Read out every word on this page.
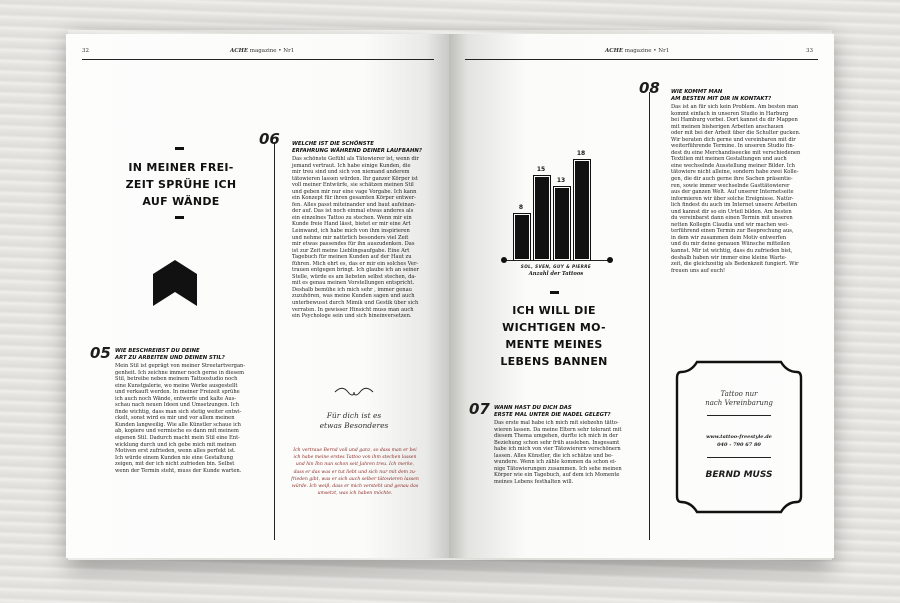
32	ACHE magazine • Nr1
IN MEINER FREI-
ZEIT SPRÜHE ICH
AUF WÄNDE
05 WIE BESCHREIBST DU DEINE
ART ZU ARBEITEN UND DEINEN STIL?
Mein Stil ist geprägt von meiner Streetartvergan-
genheit. Ich zeichne immer noch gerne in diesem
Stil, betreibe neben meinem Tattoostudio noch
eine Kunstgalerie, wo meine Werke ausgestellt
und verkauft werden. In meiner Freizeit sprühe
ich auch noch Wände, entwerfe und kalte Aus-
schau nach neuen Ideen und Umsetzungen. Ich
finde wichtig, dass man sich stetig weiter entwi-
ckelt, sonst wird es mir und vor allem meinen
Kunden langweilig. Wie alle Künstler schaue ich
ab, kopiere und vermische es dann mit meinem
eigenen Stil. Dadurch macht mein Stil eine Ent-
wicklung durch und ich gebe mich mit meinen
Motiven erst zufrieden, wenn alles perfekt ist.
Ich würde einem Kunden nie eine Gestaltung
zeigen, mit der ich nicht zufrieden bin. Selbst
wenn der Termin steht, muss der Kunde warten.
06 WELCHE IST DIE SCHÖNSTE
ERFAHRUNG WÄHREND DEINER LAUFBAHN?
Das schönste Gefühl als Tätowierer ist, wenn dir
jemand vertraut. Ich habe einige Kunden, die
mir treu sind und sich von niemand anderem
tätowieren lassen würden. Ihr ganzer Körper ist
voll meiner Entwürfe, sie schätzen meinen Stil
und geben mir nur eine vage Vorgabe. Ich kann
ein Konzept für ihren gesamten Körper entwer-
fen. Alles passt miteinander und baut aufeinan-
der auf. Das ist noch einmal etwas anderes als
ein einzelnes Tattoo zu stechen. Wenn mir ein
Kunde freie Hand lässt, bietet er mir eine Art
Leinwand, ich habe mich von ihm inspirieren
und nehme mir natürlich besonders viel Zeit
mir etwas passendes für ihn auszudenken. Das
ist zur Zeit meine Lieblingsaufgabe. Eine Art
Tagebuch für meinen Kunden auf der Haut zu
führen. Mich ehrt es, das er mir ein solches Ver-
trauen entgegen bringt. Ich glaube ich an seiner
Stelle, würde es am liebsten selbst stechen, da-
mit es genau meinen Vorstellungen entspricht.
Deshalb bemühe ich mich sehr , immer genau
zuzuhören, was meine Kunden sagen und auch
unterbewusst durch Mimik und Gestik über sich
verraten. In gewisser Hinsicht muss man auch
ein Psychologe sein und sich hineinversetzen.
Für dich ist es
etwas Besonderes
Ich vertraue Bernd voll und ganz, so dass man er bei
ich habe meine erstes Tattoo von ihm stechen lassen
und hin Ihn nun schon seit Jahren treu. Ich merke,
dass er das was er tut liebt und sich nur mit dem zu-
frieden gibt, was er sich auch selber tätowieren lassen
würde. Ich weiß, dass er mich versteht und genau das
umsetzt, was ich haben möchte.
ACHE magazine • Nr1	33
8
15
13
18
SOL, SVEN, GUY & PIERRE
Anzahl der Tattoos
ICH WILL DIE
WICHTIGEN MO-
MENTE MEINES
LEBENS BANNEN
07 WANN HAST DU DICH DAS
ERSTE MAL UNTER DIE NADEL GELEGT?
Das erste mal habe ich mich mit siebzehn tätto-
wieren lassen. Da meine Eltern sehr tolerant mit
diesem Thema umgehen, durfte ich mich in der
Beziehung schon sehr früh ausleben. Insgesamt
habe ich mich von vier Tätowierern verschönern
lassen. Alles Künstler, die ich schätze und be-
wundere. Wenn ich zähle kommen da schon ei-
nige Tätowierungen zusammen. Ich sehe meinen
Körper wie ein Tagebuch, auf dem ich Momente
meines Lebens festhalten will.
08 WIE KOMMT MAN
AM BESTEN MIT DIR IN KONTAKT?
Das ist an für sich kein Problem. Am besten man
kommt einfach in unseren Studio in Harburg
bei Hamburg vorbei. Dort kannst du dir Mappen
mit meinen bisherigen Arbeiten anschauen
oder mit bei der Arbeit über die Schulter gucken.
Wir beraten dich gerne und vereinbaren mit dir
weiterführende Termine. In unseren Studio fin-
dest du eine Merchandiseecke mit verschiedenen
Textilien mit meinen Gestaltungen und auch
eine wechselnde Ausstellung meiner Bilder. Ich
tätowiere nicht alleine, sondern habe zwei Kolle-
gen, die dir auch gerne ihre Sachen präsentie-
ren, sowie immer wechselnde Gasttätowierer
aus der ganzen Welt. Auf unserer Internetseite
informieren wir über solche Ereignisse. Natür-
lich findest du auch im Internet unsere Arbeiten
und kannst dir so ein Urteil bilden. Am besten
du vereinbarst dann einen Termin mit unseren
netten Kollegin Claudia und wir machen wei-
terführend einen Termin zur Besprechung aus,
in dem wir zusammen dein Motiv entwerfen
und du mir deine genauen Wünsche mitteilen
kannst. Mir ist wichtig, dass du zufrieden bist,
deshalb haben wir immer eine kleine Warte-
zeit, die gleichzeitig als Bedenkzeit fungiert. Wir
freuen uns auf euch!
Tattoo nur
nach Vereinbarung
www.tattoo-freestyle.de
040 - 790 67 80
BERND MUSS
